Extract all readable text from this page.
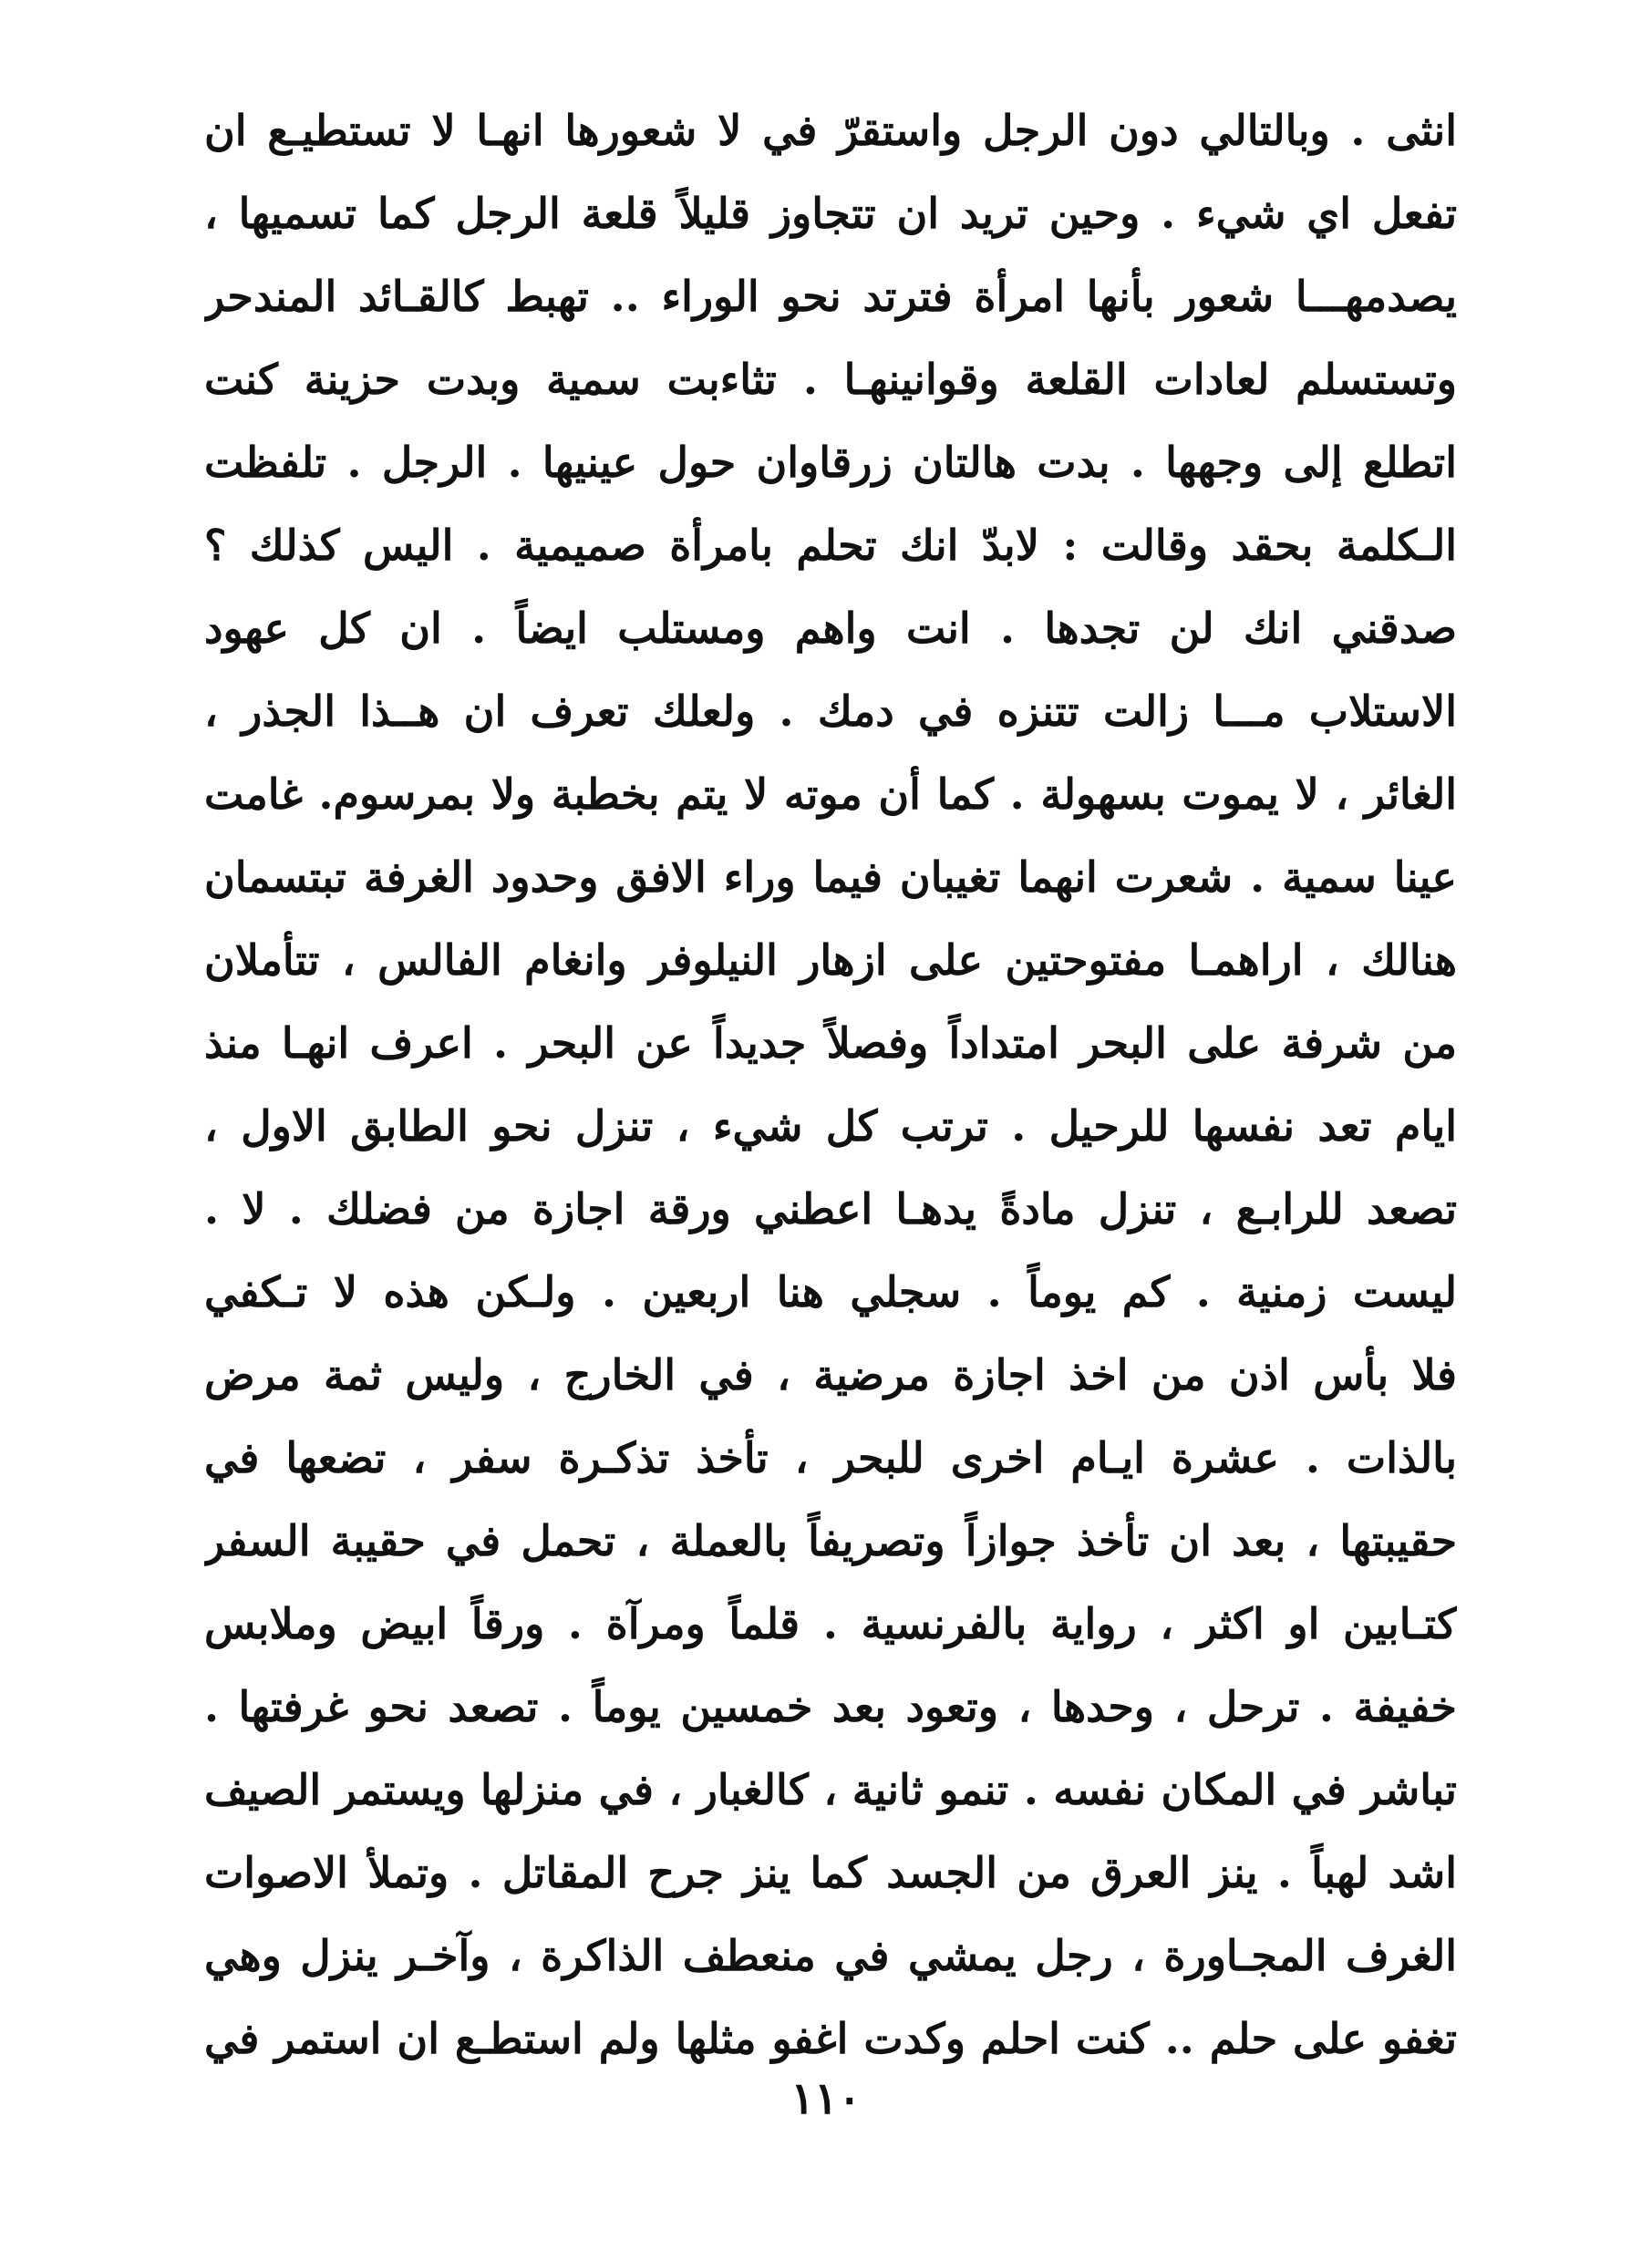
انثى . وبالتالي دون الرجل واستقرّ في لا شعورها انهـا لا تستطيـع ان
تفعل اي شيء . وحين تريد ان تتجاوز قليلاً قلعة الرجل كما تسميها ،
يصدمهـــا شعور بأنها امرأة فترتد نحو الوراء .. تهبط كالقـائد المندحر
وتستسلم لعادات القلعة وقوانينهـا . تثاءبت سمية وبدت حزينة كنت
اتطلع إلى وجهها . بدت هالتان زرقاوان حول عينيها . الرجل . تلفظت
الـكلمة بحقد وقالت : لابدّ انك تحلم بامرأة صميمية . اليس كذلك ؟
صدقني انك لن تجدها . انت واهم ومستلب ايضاً . ان كل عهود
الاستلاب مـــا زالت تتنزه في دمك . ولعلك تعرف ان هــذا الجذر ،
الغائر ، لا يموت بسهولة . كما أن موته لا يتم بخطبة ولا بمرسوم. غامت
عينا سمية . شعرت انهما تغيبان فيما وراء الافق وحدود الغرفة تبتسمان
هنالك ، اراهمـا مفتوحتين على ازهار النيلوفر وانغام الفالس ، تتأملان
من شرفة على البحر امتداداً وفصلاً جديداً عن البحر . اعرف انهـا منذ
ايام تعد نفسها للرحيل . ترتب كل شيء ، تنزل نحو الطابق الاول ،
تصعد للرابـع ، تنزل مادةً يدهـا اعطني ورقة اجازة من فضلك . لا .
ليست زمنية . كم يوماً . سجلي هنا اربعين . ولـكن هذه لا تـكفي
فلا بأس اذن من اخذ اجازة مرضية ، في الخارج ، وليس ثمة مرض
بالذات . عشرة ايـام اخرى للبحر ، تأخذ تذكـرة سفر ، تضعها في
حقيبتها ، بعد ان تأخذ جوازاً وتصريفاً بالعملة ، تحمل في حقيبة السفر
كتـابين او اكثر ، رواية بالفرنسية . قلماً ومرآة . ورقاً ابيض وملابس
خفيفة . ترحل ، وحدها ، وتعود بعد خمسين يوماً . تصعد نحو غرفتها .
تباشر في المكان نفسه . تنمو ثانية ، كالغبار ، في منزلها ويستمر الصيف
اشد لهباً . ينز العرق من الجسد كما ينز جرح المقاتل . وتملأ الاصوات
الغرف المجـاورة ، رجل يمشي في منعطف الذاكرة ، وآخـر ينزل وهي
تغفو على حلم .. كنت احلم وكدت اغفو مثلها ولم استطـع ان استمر في
١١٠
